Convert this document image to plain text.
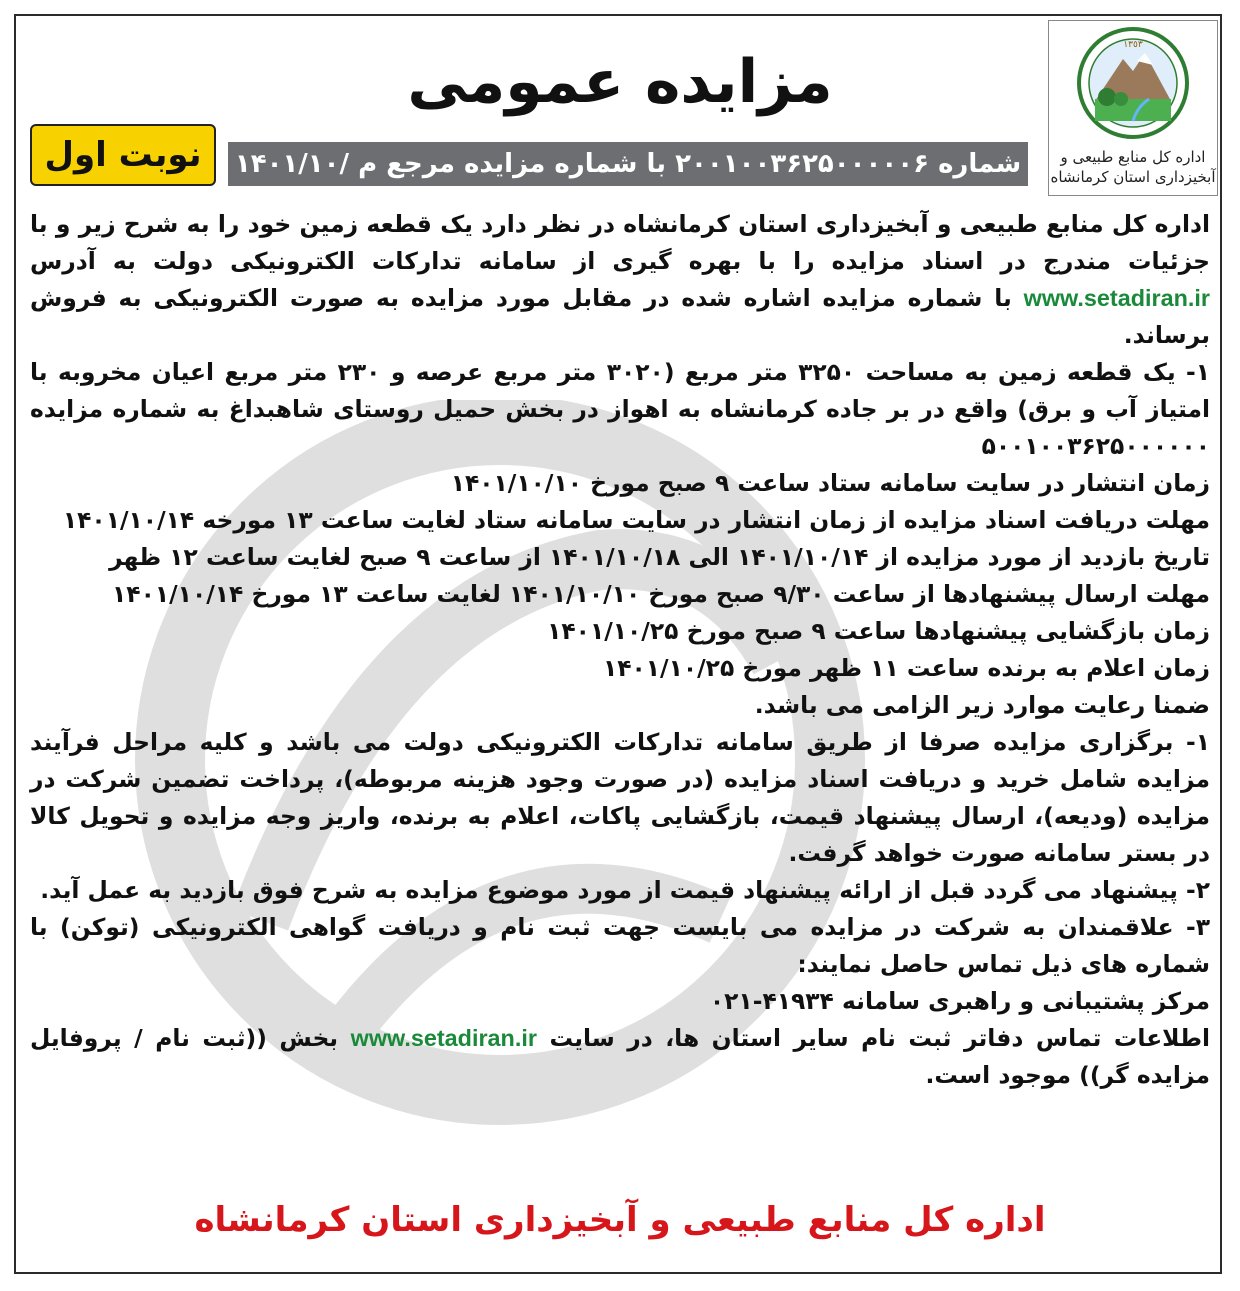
١٣٥٣
اداره کل منابع طبیعی و
آبخیزداری استان کرمانشاه
مزایده عمومی
شماره ۲۰۰۱۰۰۳۶۲۵۰۰۰۰۰۶ با شماره مزایده مرجع م /۱۴۰۱/۱۰
نوبت اول

اداره کل منابع طبیعی و آبخیزداری استان کرمانشاه در نظر دارد یک قطعه زمین خود را به شرح زیر و با جزئیات مندرج در اسناد مزایده را با بهره گیری از سامانه تدارکات الکترونیکی دولت به آدرس www.setadiran.ir با شماره مزایده اشاره شده در مقابل مورد مزایده به صورت الکترونیکی به فروش برساند.

۱- یک قطعه زمین به مساحت ۳۲۵۰ متر مربع (۳۰۲۰ متر مربع عرصه و ۲۳۰ متر مربع اعیان مخروبه با امتیاز آب و برق) واقع در بر جاده کرمانشاه به اهواز در بخش حمیل روستای شاهبداغ به شماره مزایده ۵۰۰۱۰۰۳۶۲۵۰۰۰۰۰۰

زمان انتشار در سایت سامانه ستاد ساعت ۹ صبح مورخ ۱۴۰۱/۱۰/۱۰

مهلت دریافت اسناد مزایده از زمان انتشار در سایت سامانه ستاد لغایت ساعت ۱۳ مورخه ۱۴۰۱/۱۰/۱۴

تاریخ بازدید از مورد مزایده از ۱۴۰۱/۱۰/۱۴ الی ۱۴۰۱/۱۰/۱۸ از ساعت ۹ صبح لغایت ساعت ۱۲ ظهر

مهلت ارسال پیشنهادها از ساعت ۹/۳۰ صبح مورخ ۱۴۰۱/۱۰/۱۰ لغایت ساعت ۱۳ مورخ ۱۴۰۱/۱۰/۱۴

زمان بازگشایی پیشنهادها ساعت ۹ صبح مورخ ۱۴۰۱/۱۰/۲۵

زمان اعلام به برنده ساعت ۱۱ ظهر مورخ ۱۴۰۱/۱۰/۲۵

ضمنا رعایت موارد زیر الزامی می باشد.

۱- برگزاری مزایده صرفا از طریق سامانه تدارکات الکترونیکی دولت می باشد و کلیه مراحل فرآیند مزایده شامل خرید و دریافت اسناد مزایده (در صورت وجود هزینه مربوطه)، پرداخت تضمین شرکت در مزایده (ودیعه)، ارسال پیشنهاد قیمت، بازگشایی پاکات، اعلام به برنده، واریز وجه مزایده و تحویل کالا در بستر سامانه صورت خواهد گرفت.

۲- پیشنهاد می گردد قبل از ارائه پیشنهاد قیمت از مورد موضوع مزایده به شرح فوق بازدید به عمل آید.

۳- علاقمندان به شرکت در مزایده می بایست جهت ثبت نام و دریافت گواهی الکترونیکی (توکن) با شماره های ذیل تماس حاصل نمایند:

مرکز پشتیبانی و راهبری سامانه ۴۱۹۳۴-۰۲۱

اطلاعات تماس دفاتر ثبت نام سایر استان ها، در سایت www.setadiran.ir بخش ((ثبت نام / پروفایل مزایده گر)) موجود است.

اداره کل منابع طبیعی و آبخیزداری استان کرمانشاه
